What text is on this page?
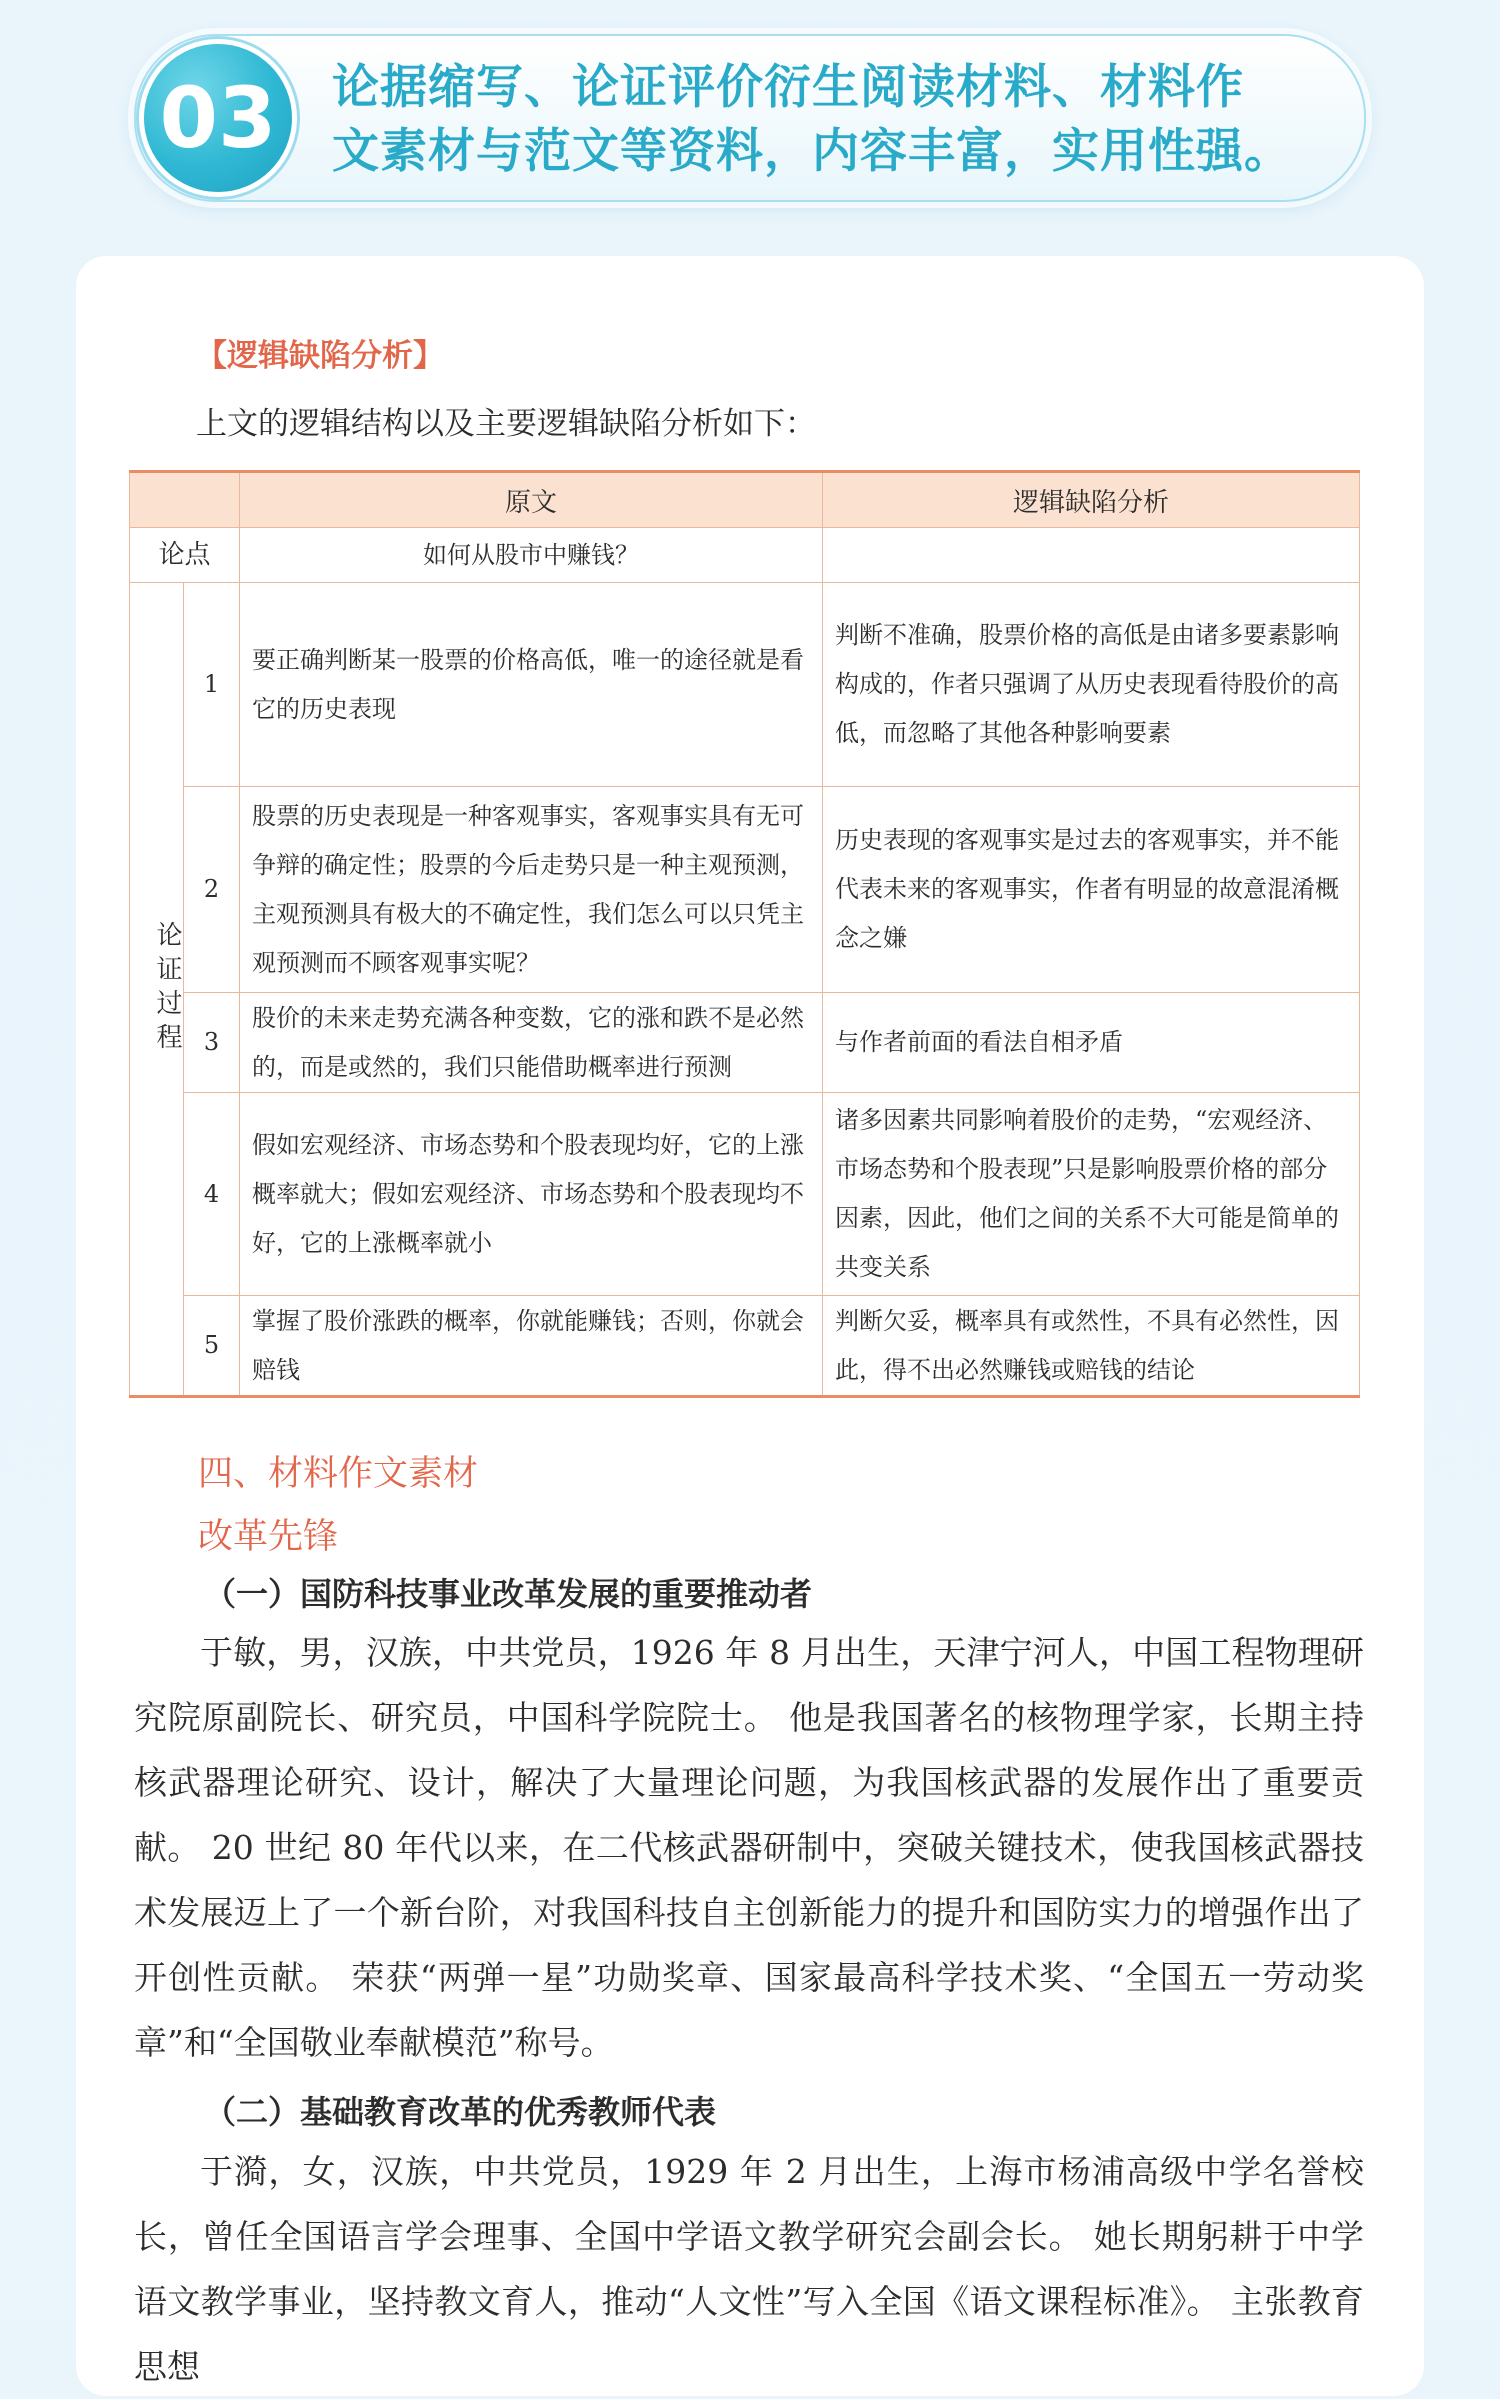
03	论据缩写、论证评价衍生阅读材料、材料作
文素材与范文等资料，内容丰富，实用性强。
【逻辑缺陷分析】
上文的逻辑结构以及主要逻辑缺陷分析如下：
		原文	逻辑缺陷分析
论点		如何从股市中赚钱？	

论证过程	1	要正确判断某一股票的价格高低，唯一的途径就是看它的历史表现	判断不准确，股票价格的高低是由诸多要素影响构成的，作者只强调了从历史表现看待股价的高低，而忽略了其他各种影响要素
	2	股票的历史表现是一种客观事实，客观事实具有无可争辩的确定性；股票的今后走势只是一种主观预测，主观预测具有极大的不确定性，我们怎么可以只凭主观预测而不顾客观事实呢？	历史表现的客观事实是过去的客观事实，并不能代表未来的客观事实，作者有明显的故意混淆概念之嫌
	3	股价的未来走势充满各种变数，它的涨和跌不是必然的，而是或然的，我们只能借助概率进行预测	与作者前面的看法自相矛盾
	4	假如宏观经济、市场态势和个股表现均好，它的上涨概率就大；假如宏观经济、市场态势和个股表现均不好，它的上涨概率就小	诸多因素共同影响着股价的走势，“宏观经济、市场态势和个股表现”只是影响股票价格的部分因素，因此，他们之间的关系不大可能是简单的共变关系
	5	掌握了股价涨跌的概率，你就能赚钱；否则，你就会赔钱	判断欠妥，概率具有或然性，不具有必然性，因此，得不出必然赚钱或赔钱的结论
四、材料作文素材
改革先锋
（一）国防科技事业改革发展的重要推动者
于敏，男，汉族，中共党员，1926 年 8 月出生，天津宁河人，中国工程物理研究院原副院长、研究员，中国科学院院士。 他是我国著名的核物理学家，长期主持核武器理论研究、设计，解决了大量理论问题，为我国核武器的发展作出了重要贡献。 20 世纪 80 年代以来，在二代核武器研制中，突破关键技术，使我国核武器技术发展迈上了一个新台阶，对我国科技自主创新能力的提升和国防实力的增强作出了开创性贡献。 荣获“两弹一星”功勋奖章、国家最高科学技术奖、“全国五一劳动奖章”和“全国敬业奉献模范”称号。
（二）基础教育改革的优秀教师代表
于漪，女，汉族，中共党员，1929 年 2 月出生，上海市杨浦高级中学名誉校长，曾任全国语言学会理事、全国中学语文教学研究会副会长。 她长期躬耕于中学语文教学事业，坚持教文育人，推动“人文性”写入全国《语文课程标准》。 主张教育思想
